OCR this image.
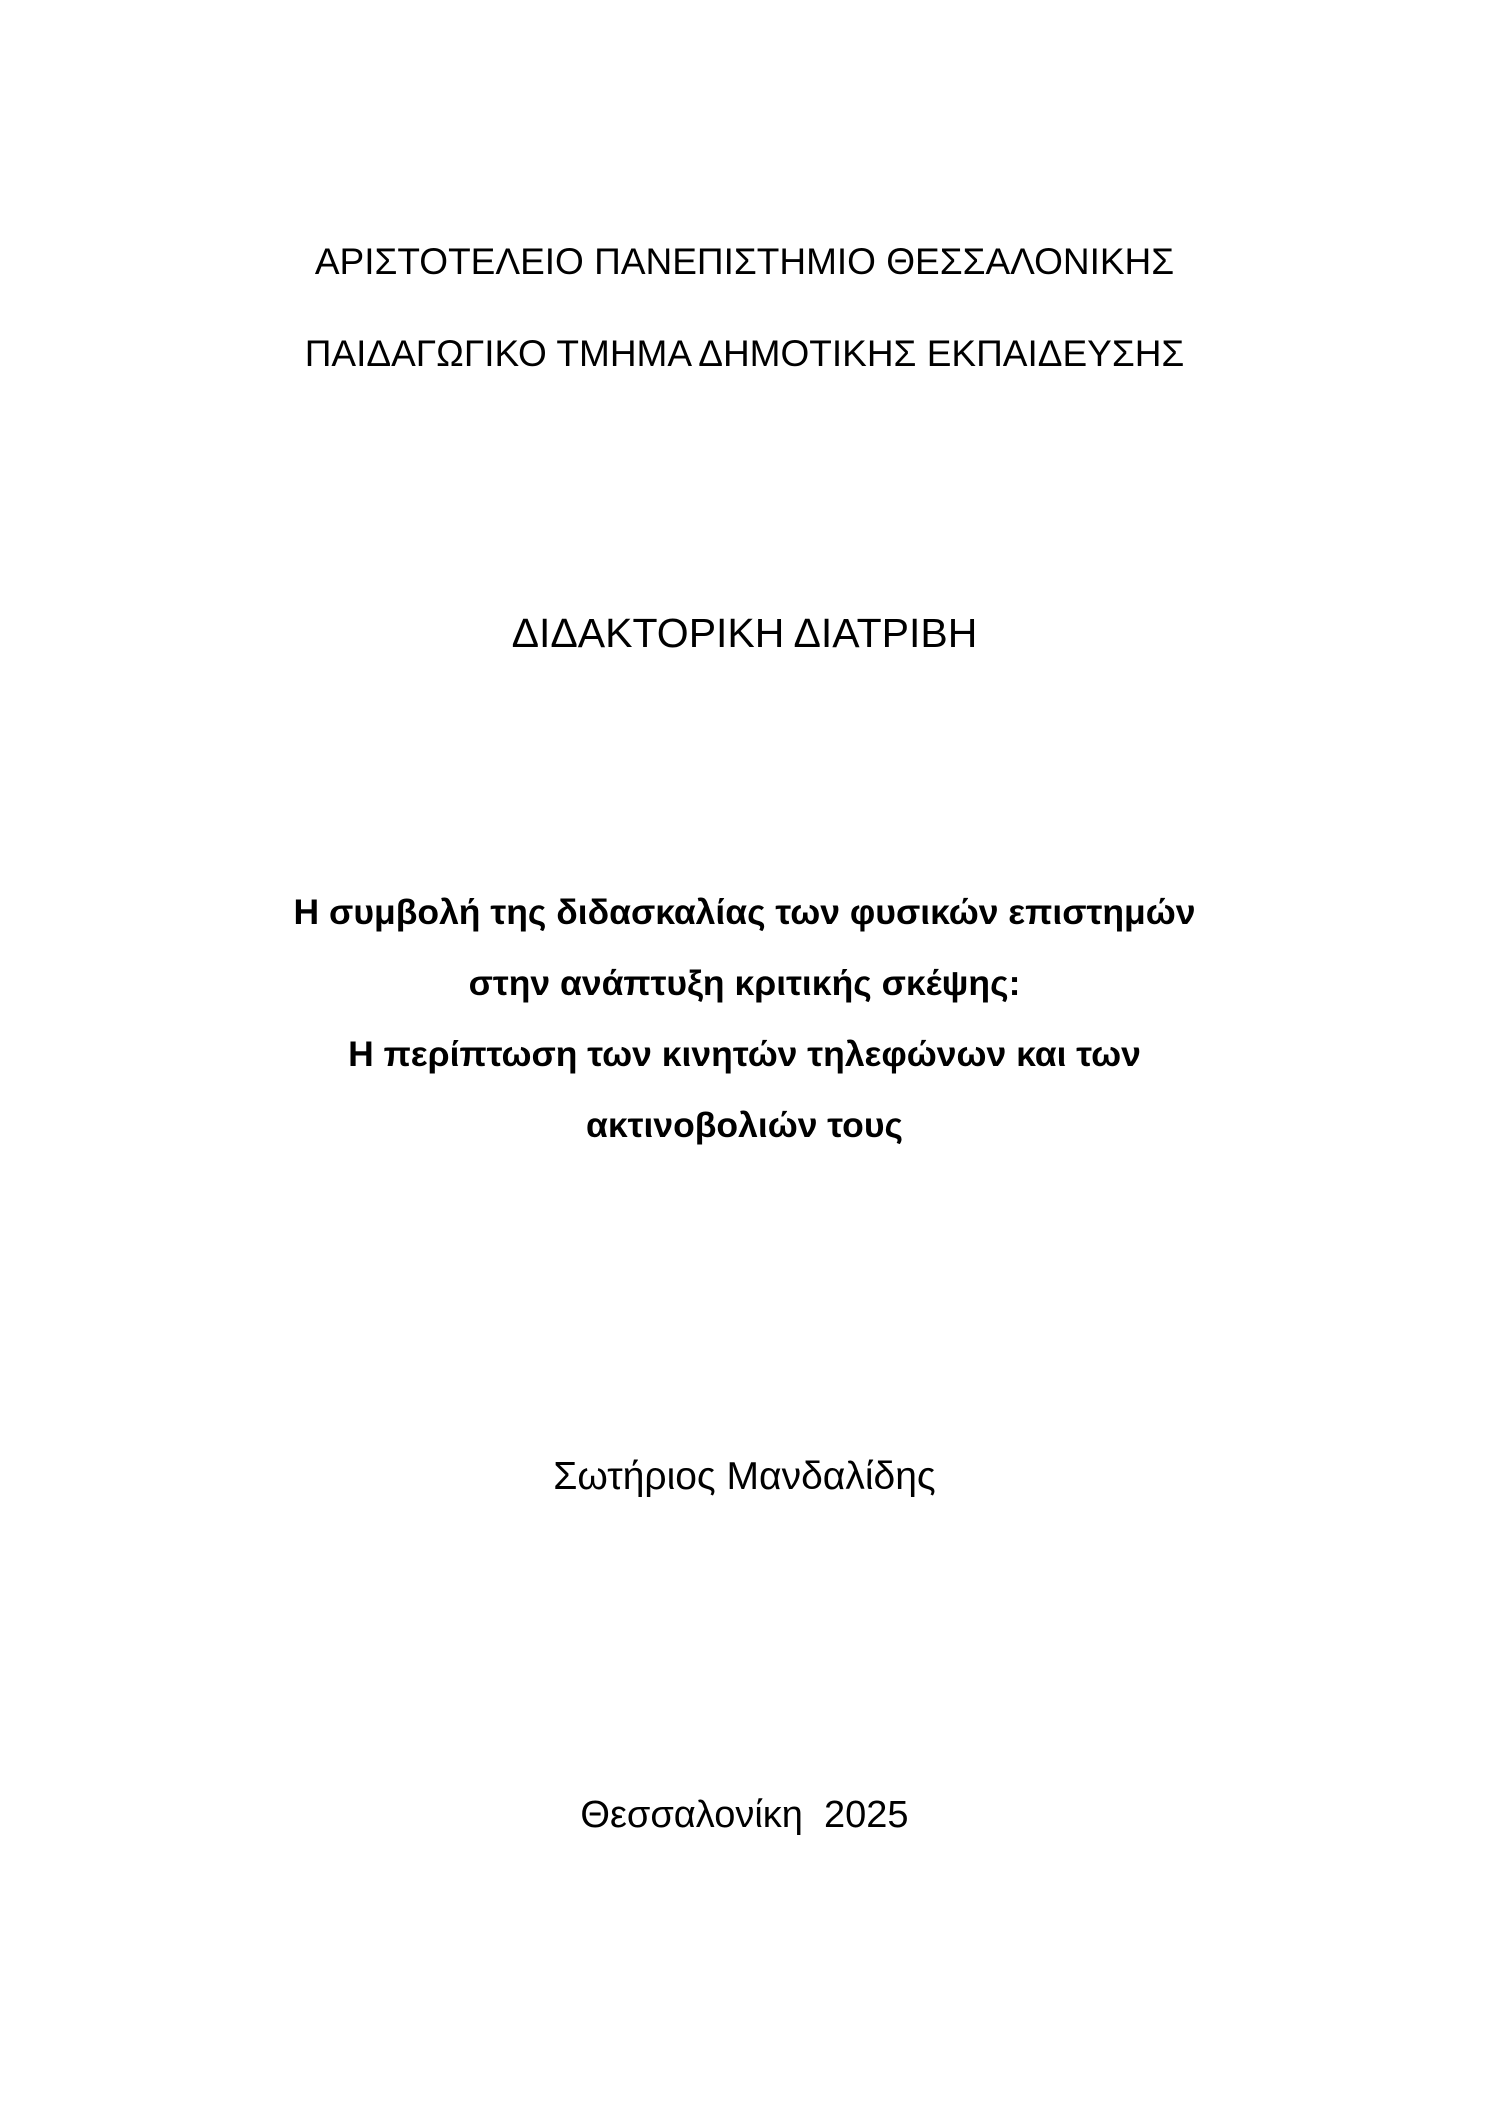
ΑΡΙΣΤΟΤΕΛΕΙΟ ΠΑΝΕΠΙΣΤΗΜΙΟ ΘΕΣΣΑΛΟΝΙΚΗΣ
ΠΑΙΔΑΓΩΓΙΚΟ ΤΜΗΜΑ ΔΗΜΟΤΙΚΗΣ ΕΚΠΑΙΔΕΥΣΗΣ
ΔΙΔΑΚΤΟΡΙΚΗ ΔΙΑΤΡΙΒΗ
Η συμβολή της διδασκαλίας των φυσικών επιστημών
στην ανάπτυξη κριτικής σκέψης:
Η περίπτωση των κινητών τηλεφώνων και των
ακτινοβολιών τους
Σωτήριος Μανδαλίδης
Θεσσαλονίκη  2025
